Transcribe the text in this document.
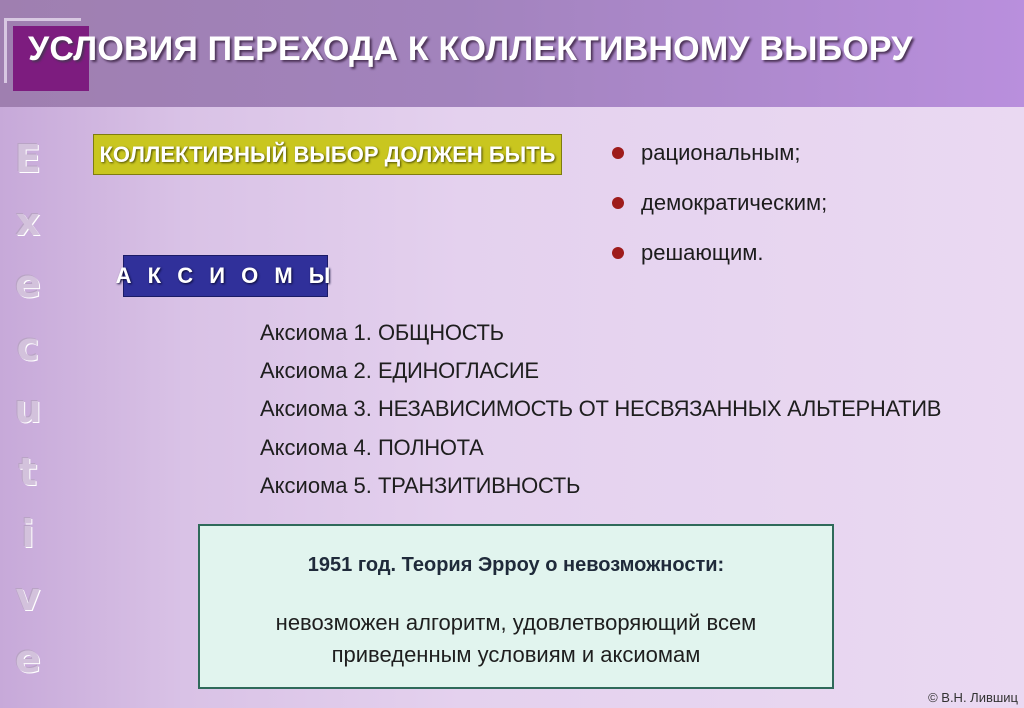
УСЛОВИЯ ПЕРЕХОДА К КОЛЛЕКТИВНОМУ ВЫБОРУ
E
x
e
c
u
t
i
v
e
КОЛЛЕКТИВНЫЙ ВЫБОР ДОЛЖЕН БЫТЬ	рациональным;
демократическим;
решающим.
А К С И О М Ы
Аксиома 1. ОБЩНОСТЬ
Аксиома 2. ЕДИНОГЛАСИЕ
Аксиома 3. НЕЗАВИСИМОСТЬ ОТ НЕСВЯЗАННЫХ АЛЬТЕРНАТИВ
Аксиома 4. ПОЛНОТА
Аксиома 5. ТРАНЗИТИВНОСТЬ
1951 год. Теория Эрроу о невозможности:
невозможен алгоритм, удовлетворяющий всем
приведенным условиям и аксиомам
© В.Н. Лившиц
